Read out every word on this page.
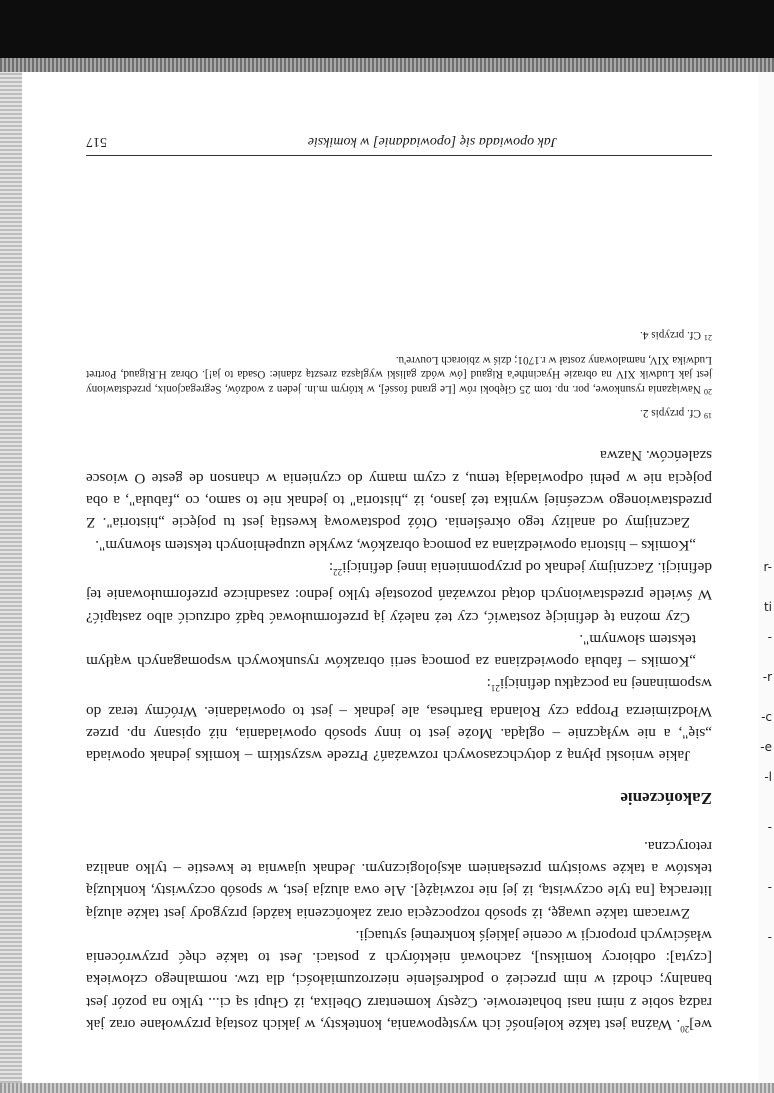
r-
ti
-
-r
-c
-e
-l
-
-
-

we]$^{20}$. Ważna jest także kolejność ich występowania, konteksty, w jakich zostają przywołane oraz jak radzą sobie z nimi nasi bohaterowie. Częsty komentarz Obelixa, iż Głupi są ci... tylko na pozór jest banalny; chodzi w nim przecież o podkreślenie niezrozumiałości, dla tzw. normalnego człowieka [czyta]: odbiorcy komiksu], zachowań niektórych z postaci. Jest to także chęć przywrócenia właściwych proporcji w ocenie jakiejś konkretnej sytuacji.

Zwracam także uwagę, iż sposób rozpoczęcia oraz zakończenia każdej przygody jest także aluzją literacką [na tyle oczywistą, iż jej nie rozwiążę]. Ale owa aluzja jest, w sposób oczywisty, konkluzją tekstów a także swoistym przesłaniem aksjologicznym. Jednak ujawnia te kwestie – tylko analiza retoryczna.

Zakończenie

Jakie wnioski płyną z dotychczasowych rozważań? Przede wszystkim – komiks jednak opowiada „się", a nie wyłącznie – ogląda. Może jest to inny sposób opowiadania, niż opisany np. przez Włodzimierza Proppa czy Rolanda Barthesa, ale jednak – jest to opowiadanie. Wróćmy teraz do wspominanej na początku definicji$^{21}$:

„Komiks – fabuła opowiedziana za pomocą serii obrazków rysunkowych wspomaganych wątłym tekstem słownym".

Czy można tę definicję zostawić, czy też należy ją przeformułować bądź odrzucić albo zastąpić? W świetle przedstawionych dotąd rozważań pozostaje tylko jedno: zasadnicze przeformułowanie tej definicji. Zacznijmy jednak od przypomnienia innej definicji$^{22}$:

„Komiks – historia opowiedziana za pomocą obrazków, zwykle uzupełnionych tekstem słownym".

Zacznijmy od analizy tego określenia. Otóż podstawową kwestią jest tu pojęcie „historia". Z przedstawionego wcześniej wynika też jasno, iż „historia" to jednak nie to samo, co „fabuła", a oba pojęcia nie w pełni odpowiadają temu, z czym mamy do czynienia w chanson de geste O wiosce szaleńców. Nazwa

$^{19}$Cf. przypis 2.

$^{20}$Nawiązania rysunkowe, por. np. tom 25 Głęboki rów [Le grand fossé], w którym m.in. jeden z wodzów, Segregacjonix, przedstawiony jest jak Ludwik XIV na obrazie Hyacinthe'a Rigaud [ów wódz galiski wygląsza zresztą zdanie: Osada to ja!]. Obraz H.Rigaud, Portret Ludwika XIV, namalowany został w r.1701; dziś w zbiorach Louvre'u.

$^{21}$Cf. przypis 4.

Jak opowiada się [opowiadanie] w komiksie
517
